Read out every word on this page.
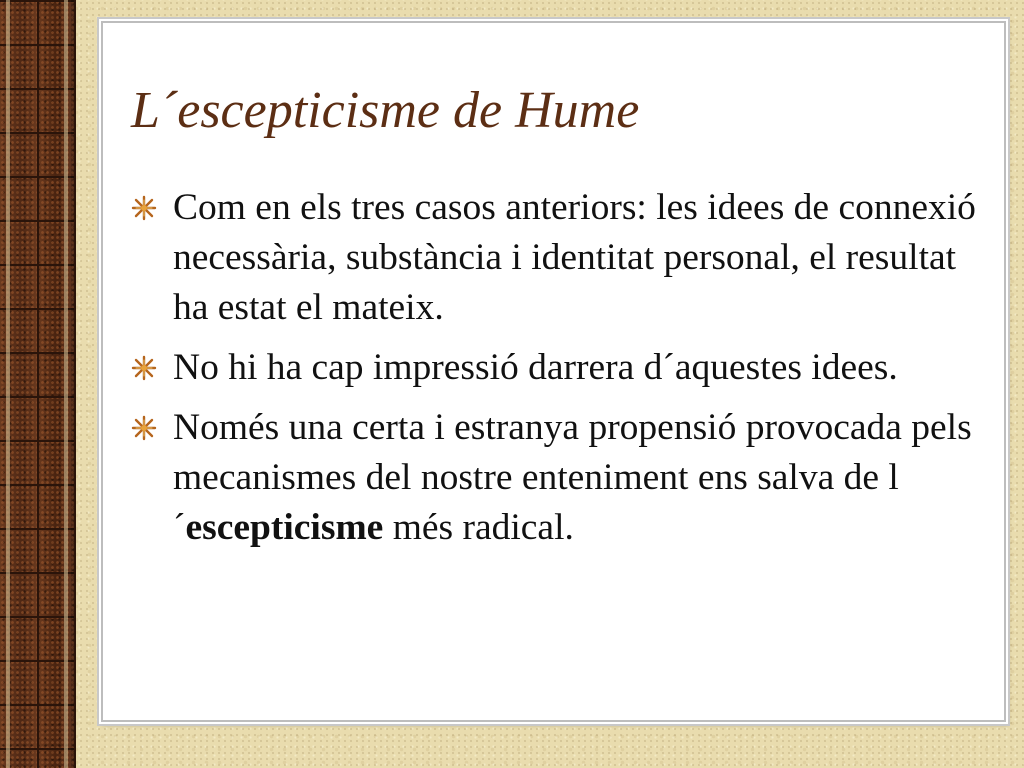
L´escepticisme de Hume
Com en els tres casos anteriors: les idees de connexió necessària, substància i identitat personal, el resultat ha estat el mateix.
No hi ha cap impressió darrera d´aquestes idees.
Només una certa i estranya propensió provocada pels mecanismes del nostre enteniment ens salva de l´escepticisme més radical.
